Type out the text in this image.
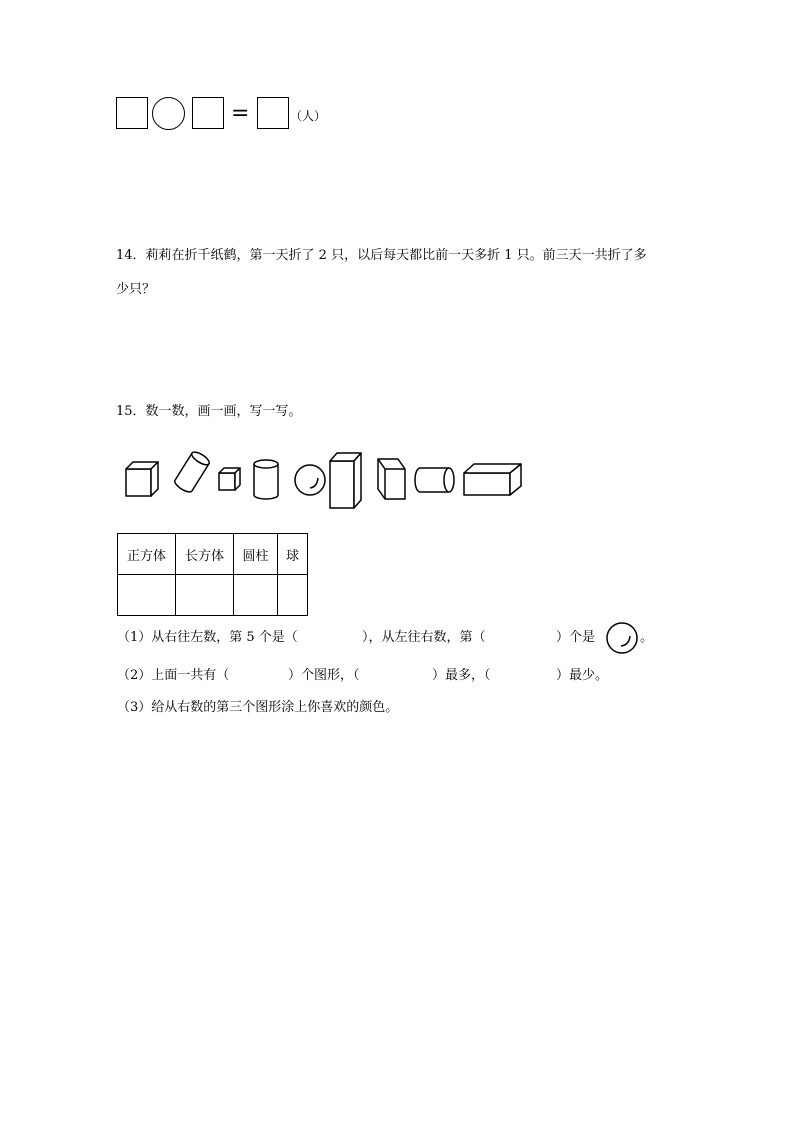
=	（人）
14．莉莉在折千纸鹤，第一天折了 2 只，以后每天都比前一天多折 1 只。前三天一共折了多
少只？
15．数一数，画一画，写一写。
正方体	长方体	圆柱	球

（1）从右往左数，第 5 个是（	），从左往右数，第（	）个是	。
（2）上面一共有（	）个图形，（	）最多，（	）最少。
（3）给从右数的第三个图形涂上你喜欢的颜色。
